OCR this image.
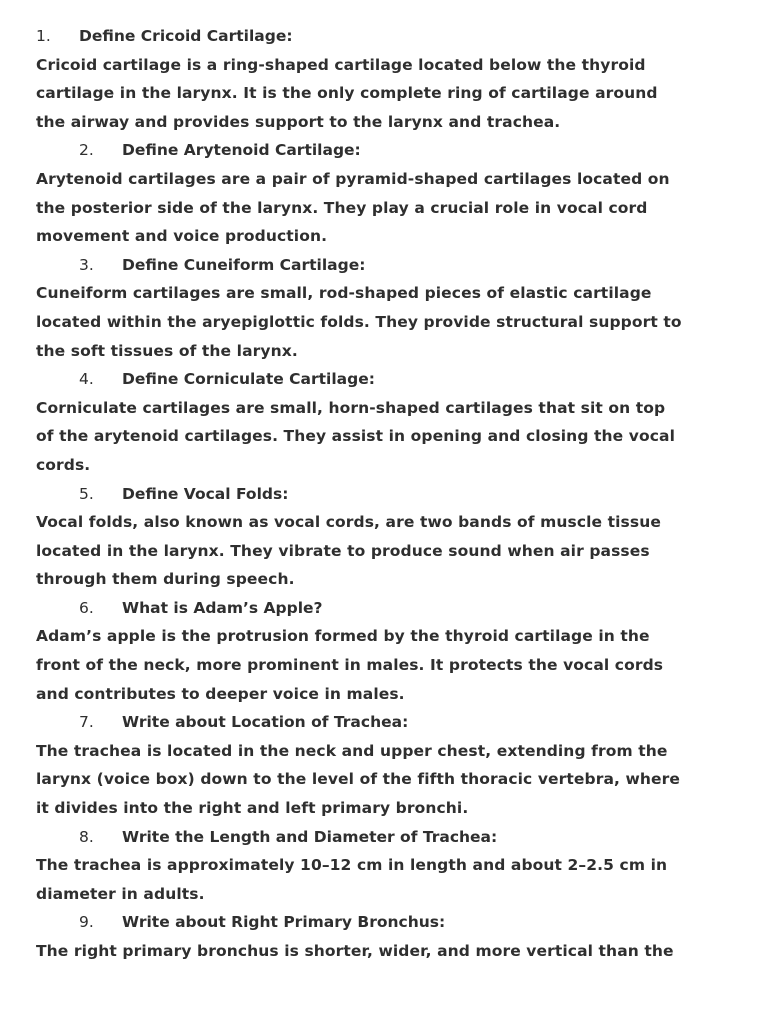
1.	Define Cricoid Cartilage:

Cricoid cartilage is a ring-shaped cartilage located below the thyroid
cartilage in the larynx. It is the only complete ring of cartilage around
the airway and provides support to the larynx and trachea.

2.	Define Arytenoid Cartilage:

Arytenoid cartilages are a pair of pyramid-shaped cartilages located on
the posterior side of the larynx. They play a crucial role in vocal cord
movement and voice production.

3.	Define Cuneiform Cartilage:

Cuneiform cartilages are small, rod-shaped pieces of elastic cartilage
located within the aryepiglottic folds. They provide structural support to
the soft tissues of the larynx.

4.	Define Corniculate Cartilage:

Corniculate cartilages are small, horn-shaped cartilages that sit on top
of the arytenoid cartilages. They assist in opening and closing the vocal
cords.

5.	Define Vocal Folds:

Vocal folds, also known as vocal cords, are two bands of muscle tissue
located in the larynx. They vibrate to produce sound when air passes
through them during speech.

6.	What is Adam’s Apple?

Adam’s apple is the protrusion formed by the thyroid cartilage in the
front of the neck, more prominent in males. It protects the vocal cords
and contributes to deeper voice in males.

7.	Write about Location of Trachea:

The trachea is located in the neck and upper chest, extending from the
larynx (voice box) down to the level of the fifth thoracic vertebra, where
it divides into the right and left primary bronchi.

8.	Write the Length and Diameter of Trachea:

The trachea is approximately 10–12 cm in length and about 2–2.5 cm in
diameter in adults.

9.	Write about Right Primary Bronchus:

The right primary bronchus is shorter, wider, and more vertical than the
